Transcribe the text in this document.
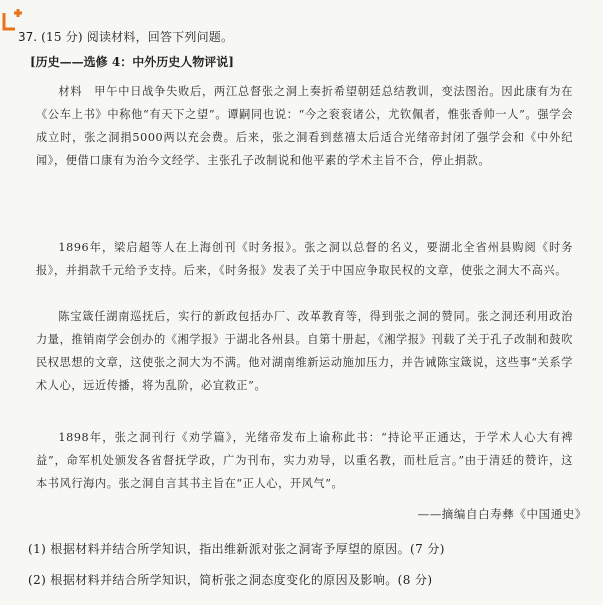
37. (15 分) 阅读材料，回答下列问题。
[历史——选修 4：中外历史人物评说]
材料　甲午中日战争失败后，两江总督张之洞上奏折希望朝廷总结教训，变法图治。因此康有为在《公车上书》中称他“有天下之望”。谭嗣同也说：“今之衮衮诸公，尤钦佩者，惟张香帅一人”。强学会成立时，张之洞捐5000两以充会费。后来，张之洞看到慈禧太后适合光绪帝封闭了强学会和《中外纪闻》，便借口康有为治今文经学、主张孔子改制说和他平素的学术主旨不合，停止捐款。
1896年，梁启超等人在上海创刊《时务报》。张之洞以总督的名义，要湖北全省州县购阅《时务报》，并捐款千元给予支持。后来，《时务报》发表了关于中国应争取民权的文章，使张之洞大不高兴。
陈宝箴任湖南巡抚后，实行的新政包括办厂、改革教育等，得到张之洞的赞同。张之洞还利用政治力量，推销南学会创办的《湘学报》于湖北各州县。自第十册起，《湘学报》刊载了关于孔子改制和鼓吹民权思想的文章，这使张之洞大为不满。他对湖南维新运动施加压力，并告诫陈宝箴说，这些事“关系学术人心，远近传播，将为乱阶，必宜救正”。
1898年，张之洞刊行《劝学篇》，光绪帝发布上谕称此书：“持论平正通达，于学术人心大有裨益”，命军机处颁发各省督抚学政，广为刊布，实力劝导，以重名教，而杜卮言。”由于清廷的赞许，这本书风行海内。张之洞自言其书主旨在“正人心，开风气”。
——摘编自白寿彝《中国通史》
(1) 根据材料并结合所学知识，指出维新派对张之洞寄予厚望的原因。(7 分)
(2) 根据材料并结合所学知识，简析张之洞态度变化的原因及影响。(8 分)
